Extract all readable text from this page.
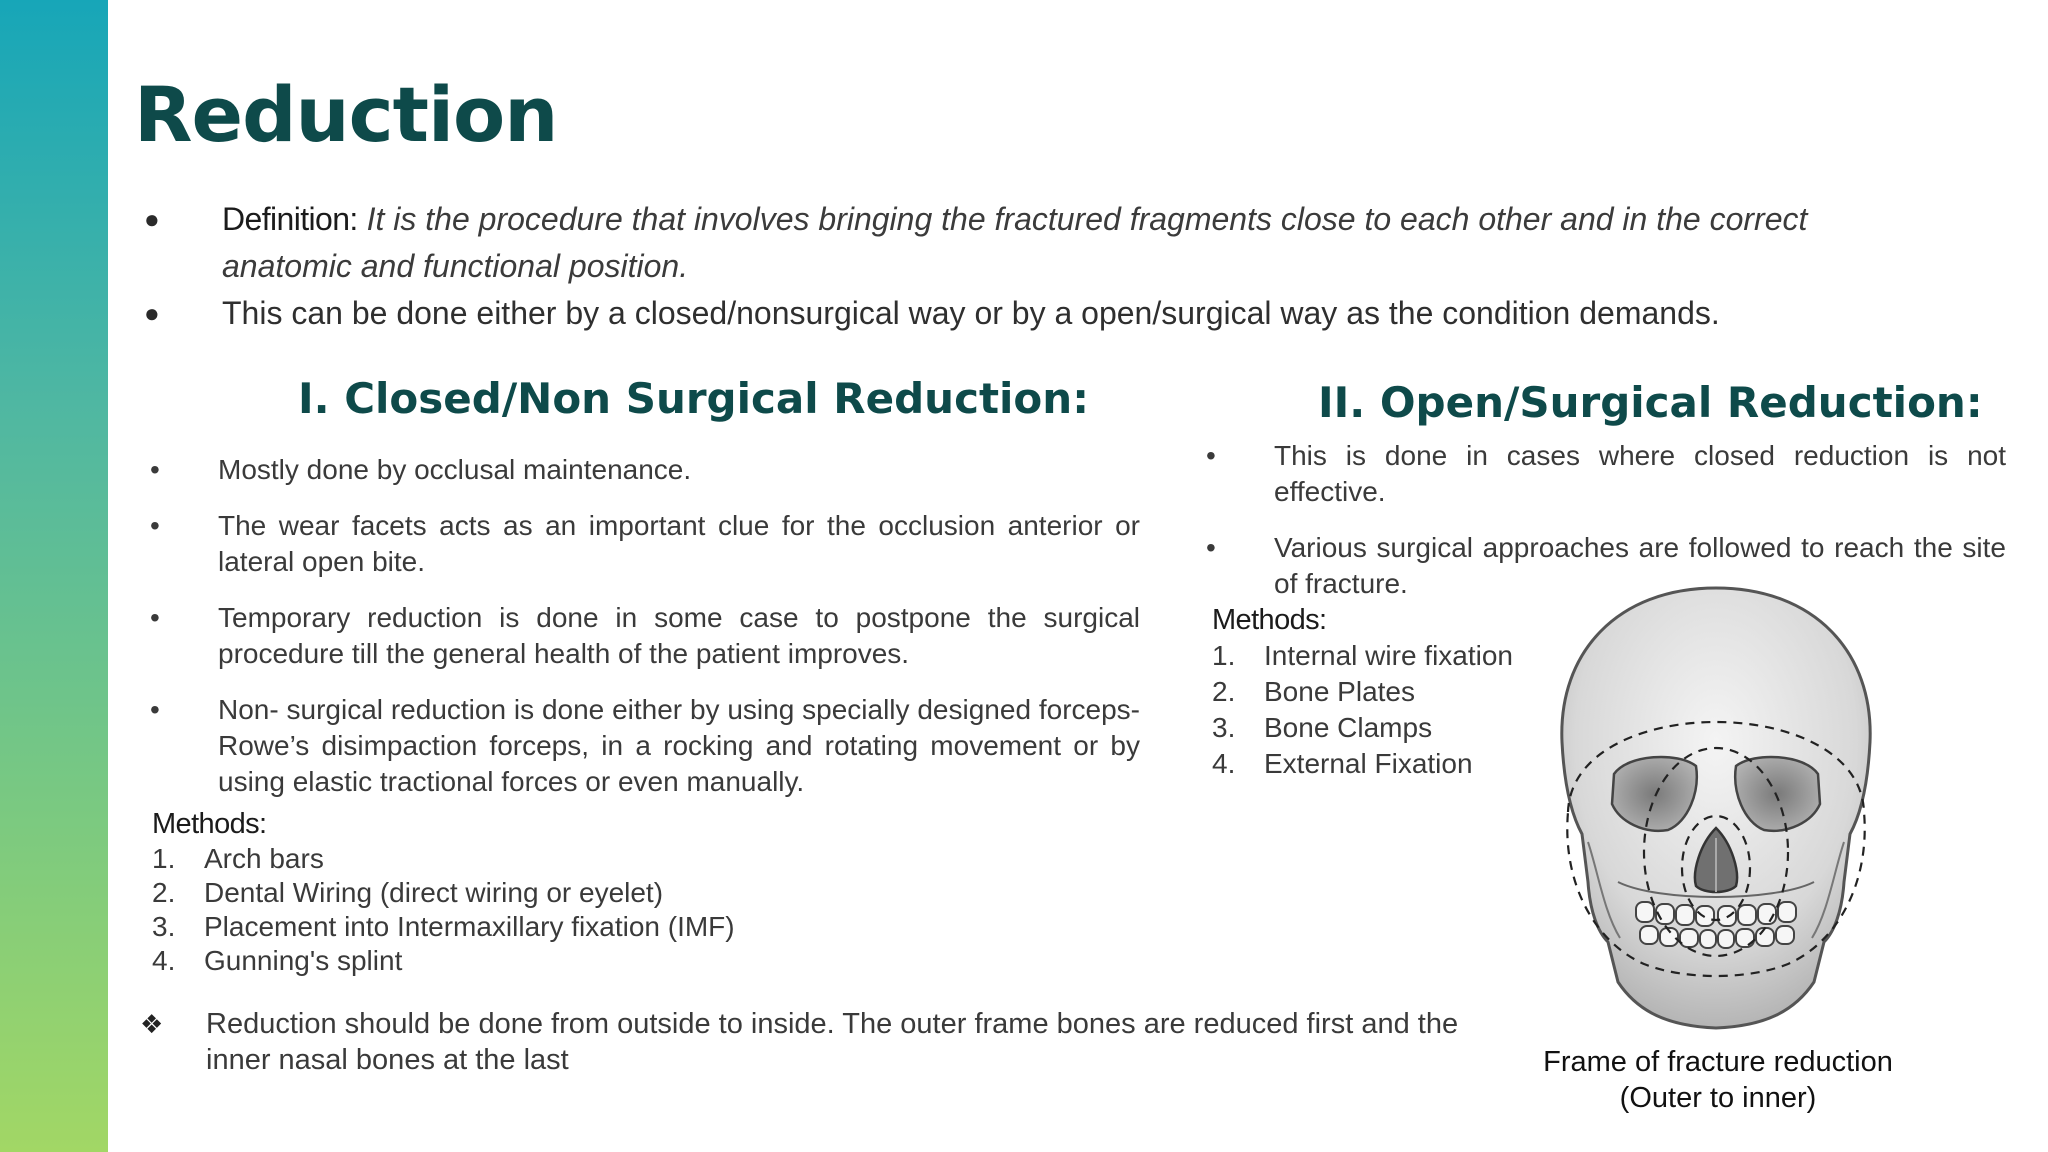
Reduction
● Definition: It is the procedure that involves bringing the fractured fragments close to each other and in the correct anatomic and functional position.
● This can be done either by a closed/nonsurgical way or by a open/surgical way as the condition demands.
I. Closed/Non Surgical Reduction:	II. Open/Surgical Reduction:
• Mostly done by occlusal maintenance.
• The wear facets acts as an important clue for the occlusion anterior or lateral open bite.
• Temporary reduction is done in some case to postpone the surgical procedure till the general health of the patient improves.
• Non- surgical reduction is done either by using specially designed forceps- Rowe’s disimpaction forceps, in a rocking and rotating movement or by using elastic tractional forces or even manually.
Methods:
1. Arch bars
2. Dental Wiring (direct wiring or eyelet)
3. Placement into Intermaxillary fixation (IMF)
4. Gunning's splint
• This is done in cases where closed reduction is not effective.
• Various surgical approaches are followed to reach the site of fracture.
Methods:
1. Internal wire fixation
2. Bone Plates
3. Bone Clamps
4. External Fixation
❖ Reduction should be done from outside to inside. The outer frame bones are reduced first and the inner nasal bones at the last	Frame of fracture reduction
(Outer to inner)
